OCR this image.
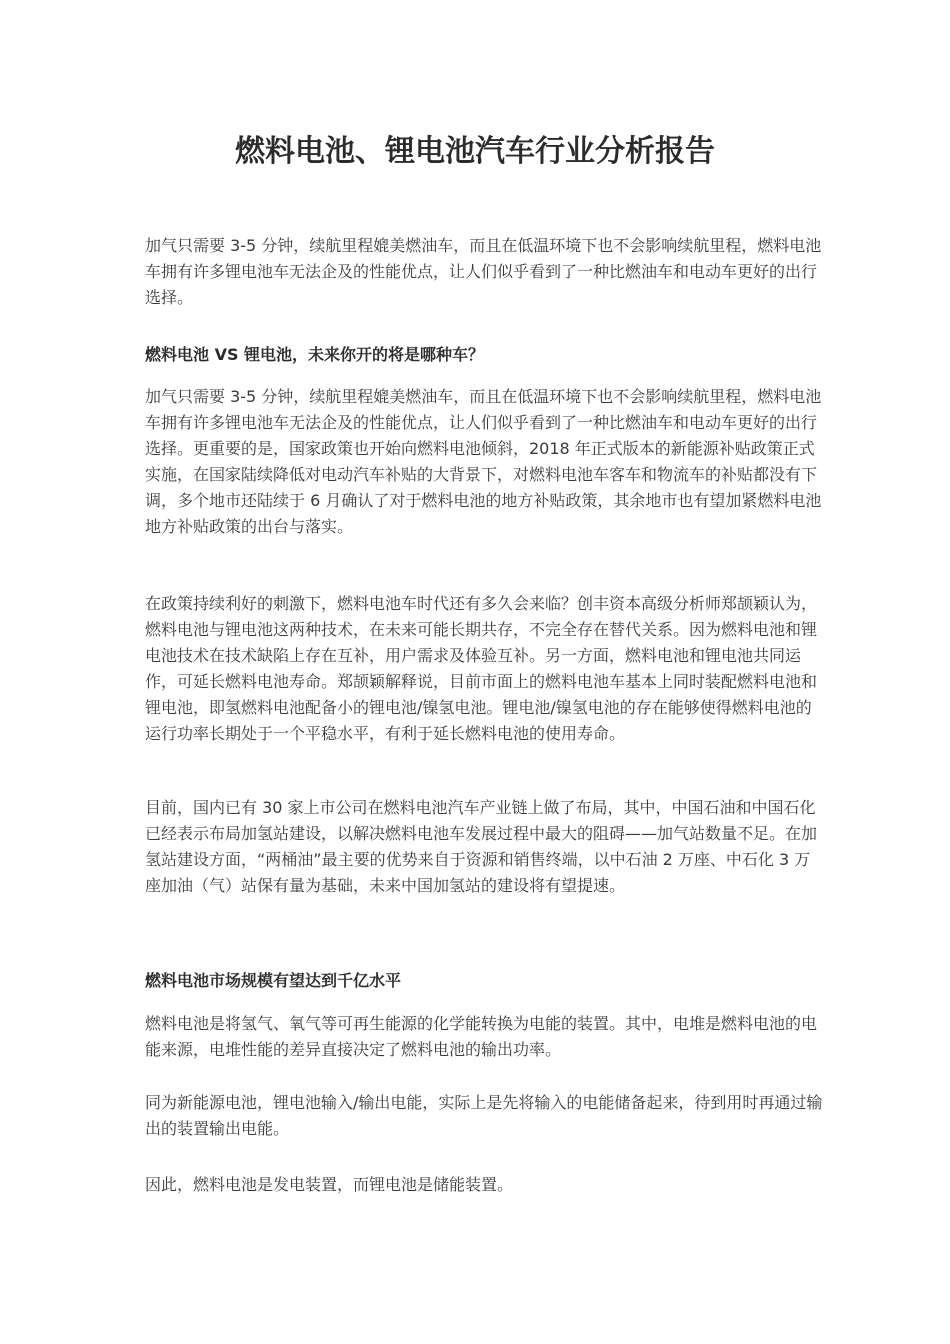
燃料电池、锂电池汽车行业分析报告

加气只需要 3-5 分钟，续航里程媲美燃油车，而且在低温环境下也不会影响续航里程，燃料电池车拥有许多锂电池车无法企及的性能优点，让人们似乎看到了一种比燃油车和电动车更好的出行选择。

燃料电池 VS 锂电池，未来你开的将是哪种车？

加气只需要 3-5 分钟，续航里程媲美燃油车，而且在低温环境下也不会影响续航里程，燃料电池车拥有许多锂电池车无法企及的性能优点，让人们似乎看到了一种比燃油车和电动车更好的出行选择。更重要的是，国家政策也开始向燃料电池倾斜，2018 年正式版本的新能源补贴政策正式实施，在国家陆续降低对电动汽车补贴的大背景下，对燃料电池车客车和物流车的补贴都没有下调，多个地市还陆续于 6 月确认了对于燃料电池的地方补贴政策，其余地市也有望加紧燃料电池地方补贴政策的出台与落实。

在政策持续利好的刺激下，燃料电池车时代还有多久会来临？创丰资本高级分析师郑颉颖认为，燃料电池与锂电池这两种技术，在未来可能长期共存，不完全存在替代关系。因为燃料电池和锂电池技术在技术缺陷上存在互补，用户需求及体验互补。另一方面，燃料电池和锂电池共同运作，可延长燃料电池寿命。郑颉颖解释说，目前市面上的燃料电池车基本上同时装配燃料电池和锂电池，即氢燃料电池配备小的锂电池/镍氢电池。锂电池/镍氢电池的存在能够使得燃料电池的运行功率长期处于一个平稳水平，有利于延长燃料电池的使用寿命。

目前，国内已有 30 家上市公司在燃料电池汽车产业链上做了布局，其中，中国石油和中国石化已经表示布局加氢站建设，以解决燃料电池车发展过程中最大的阻碍——加气站数量不足。在加氢站建设方面，“两桶油”最主要的优势来自于资源和销售终端，以中石油 2 万座、中石化 3 万座加油（气）站保有量为基础，未来中国加氢站的建设将有望提速。

燃料电池市场规模有望达到千亿水平

燃料电池是将氢气、氧气等可再生能源的化学能转换为电能的装置。其中，电堆是燃料电池的电能来源，电堆性能的差异直接决定了燃料电池的输出功率。

同为新能源电池，锂电池输入/输出电能，实际上是先将输入的电能储备起来，待到用时再通过输出的装置输出电能。

因此，燃料电池是发电装置，而锂电池是储能装置。
